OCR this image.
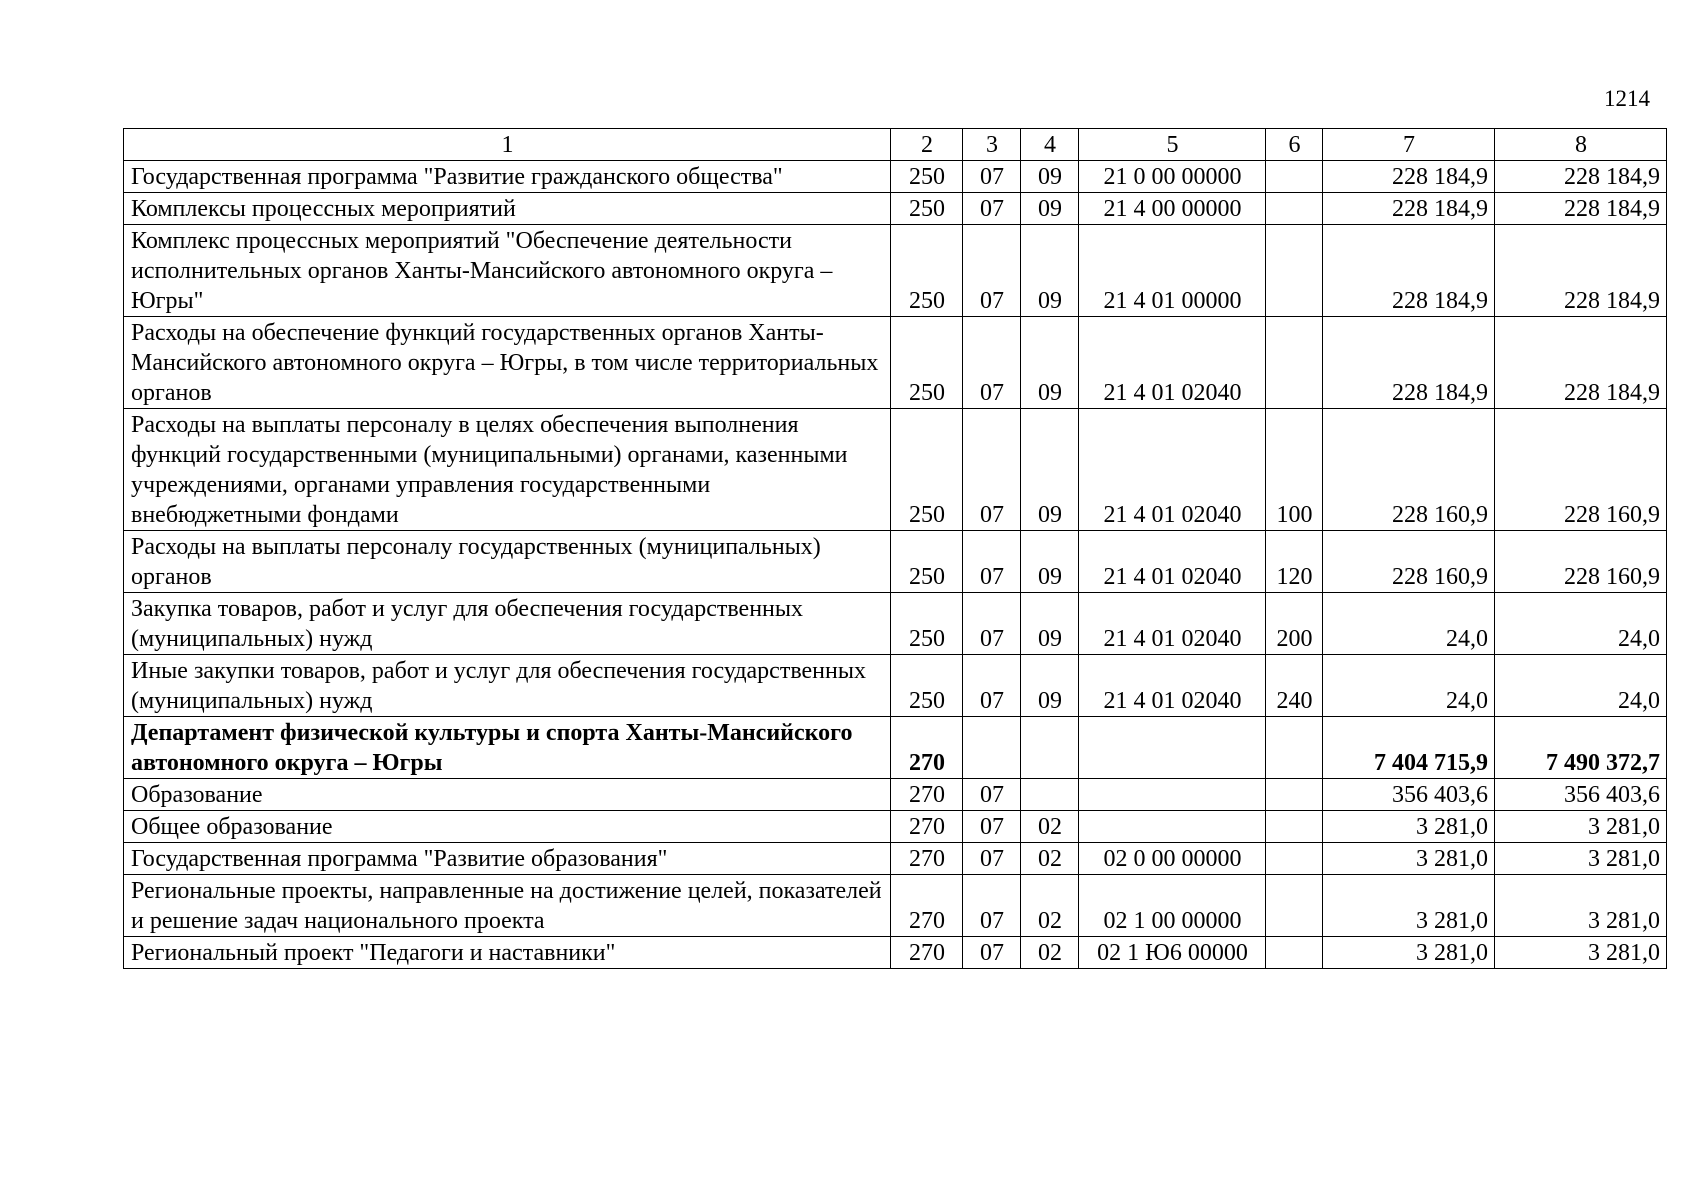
1214
1	2	3	4	5	6	7	8
Государственная программа "Развитие гражданского общества"	250	07	09	21 0 00 00000		228 184,9	228 184,9
Комплексы процессных мероприятий	250	07	09	21 4 00 00000		228 184,9	228 184,9
Комплекс процессных мероприятий "Обеспечение деятельности исполнительных органов Ханты-Мансийского автономного округа – Югры"	250	07	09	21 4 01 00000		228 184,9	228 184,9
Расходы на обеспечение функций государственных органов Ханты-Мансийского автономного округа – Югры, в том числе территориальных органов	250	07	09	21 4 01 02040		228 184,9	228 184,9
Расходы на выплаты персоналу в целях обеспечения выполнения функций государственными (муниципальными) органами, казенными учреждениями, органами управления государственными внебюджетными фондами	250	07	09	21 4 01 02040	100	228 160,9	228 160,9
Расходы на выплаты персоналу государственных (муниципальных) органов	250	07	09	21 4 01 02040	120	228 160,9	228 160,9
Закупка товаров, работ и услуг для обеспечения государственных (муниципальных) нужд	250	07	09	21 4 01 02040	200	24,0	24,0
Иные закупки товаров, работ и услуг для обеспечения государственных (муниципальных) нужд	250	07	09	21 4 01 02040	240	24,0	24,0
Департамент физической культуры и спорта Ханты-Мансийского автономного округа – Югры	270					7 404 715,9	7 490 372,7
Образование	270	07				356 403,6	356 403,6
Общее образование	270	07	02			3 281,0	3 281,0
Государственная программа "Развитие образования"	270	07	02	02 0 00 00000		3 281,0	3 281,0
Региональные проекты, направленные на достижение целей, показателей и решение задач национального проекта	270	07	02	02 1 00 00000		3 281,0	3 281,0
Региональный проект "Педагоги и наставники"	270	07	02	02 1 Ю6 00000		3 281,0	3 281,0
